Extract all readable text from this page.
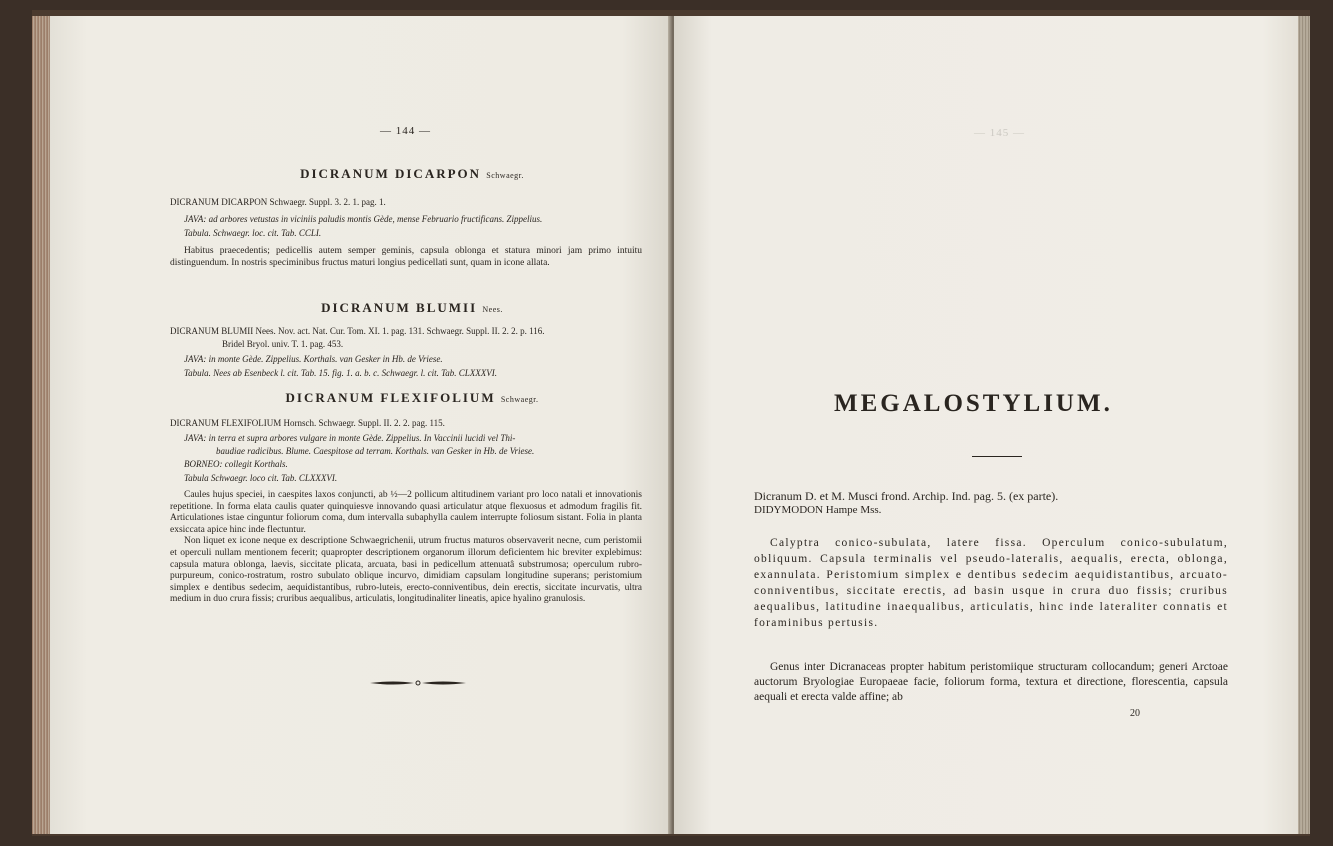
— 144 —
DICRANUM DICARPON Schwaegr.
DICRANUM DICARPON Schwaegr. Suppl. 3. 2. 1. pag. 1.
JAVA: ad arbores vetustas in viciniis paludis montis Gède, mense Februario fructificans. Zippelius.
Tabula. Schwaegr. loc. cit. Tab. CCLI.

Habitus praecedentis; pedicellis autem semper geminis, capsula oblonga et statura minori jam primo intuitu distinguendum. In nostris speciminibus fructus maturi longius pedicellati sunt, quam in icone allata.

DICRANUM BLUMII Nees.
DICRANUM BLUMII Nees. Nov. act. Nat. Cur. Tom. XI. 1. pag. 131. Schwaegr. Suppl. II. 2. 2. p. 116.
Bridel Bryol. univ. T. 1. pag. 453.
JAVA: in monte Gède. Zippelius. Korthals. van Gesker in Hb. de Vriese.
Tabula. Nees ab Esenbeck l. cit. Tab. 15. fig. 1. a. b. c. Schwaegr. l. cit. Tab. CLXXXVI.
DICRANUM FLEXIFOLIUM Schwaegr.
DICRANUM FLEXIFOLIUM Hornsch. Schwaegr. Suppl. II. 2. 2. pag. 115.
JAVA: in terra et supra arbores vulgare in monte Gède. Zippelius. In Vaccinii lucidi vel Thi-
baudiae radicibus. Blume. Caespitose ad terram. Korthals. van Gesker in Hb. de Vriese.
BORNEO: collegit Korthals.
Tabula Schwaegr. loco cit. Tab. CLXXXVI.

Caules hujus speciei, in caespites laxos conjuncti, ab ½—2 pollicum altitudinem variant pro loco natali et innovationis repetitione. In forma elata caulis quater quinquiesve innovando quasi articulatur atque flexuosus et admodum fragilis fit. Articulationes istae cinguntur foliorum coma, dum intervalla subaphylla caulem interrupte foliosum sistant. Folia in planta exsiccata apice hinc inde flectuntur.

Non liquet ex icone neque ex descriptione Schwaegrichenii, utrum fructus maturos observaverit necne, cum peristomii et operculi nullam mentionem fecerit; quapropter descriptionem organorum illorum deficientem hic breviter explebimus: capsula matura oblonga, laevis, siccitate plicata, arcuata, basi in pedicellum attenuatâ substrumosa; operculum rubro-purpureum, conico-rostratum, rostro subulato oblique incurvo, dimidiam capsulam longitudine superans; peristomium simplex e dentibus sedecim, aequidistantibus, rubro-luteis, erecto-conniventibus, dein erectis, siccitate incurvatis, ultra medium in duo crura fissis; cruribus aequalibus, articulatis, longitudinaliter lineatis, apice hyalino granulosis.

— 145 —
MEGALOSTYLIUM.
Dicranum D. et M. Musci frond. Archip. Ind. pag. 5. (ex parte).
DIDYMODON Hampe Mss.

Calyptra conico-subulata, latere fissa. Operculum conico-subulatum, obliquum. Capsula terminalis vel pseudo-lateralis, aequalis, erecta, oblonga, exannulata. Peristomium simplex e dentibus sedecim aequidistantibus, arcuato-conniventibus, siccitate erectis, ad basin usque in crura duo fissis; cruribus aequalibus, latitudine inaequalibus, articulatis, hinc inde lateraliter connatis et foraminibus pertusis.

Genus inter Dicranaceas propter habitum peristomiique structuram collocandum; generi Arctoae auctorum Bryologiae Europaeae facie, foliorum forma, textura et directione, florescentia, capsula aequali et erecta valde affine; ab

20
